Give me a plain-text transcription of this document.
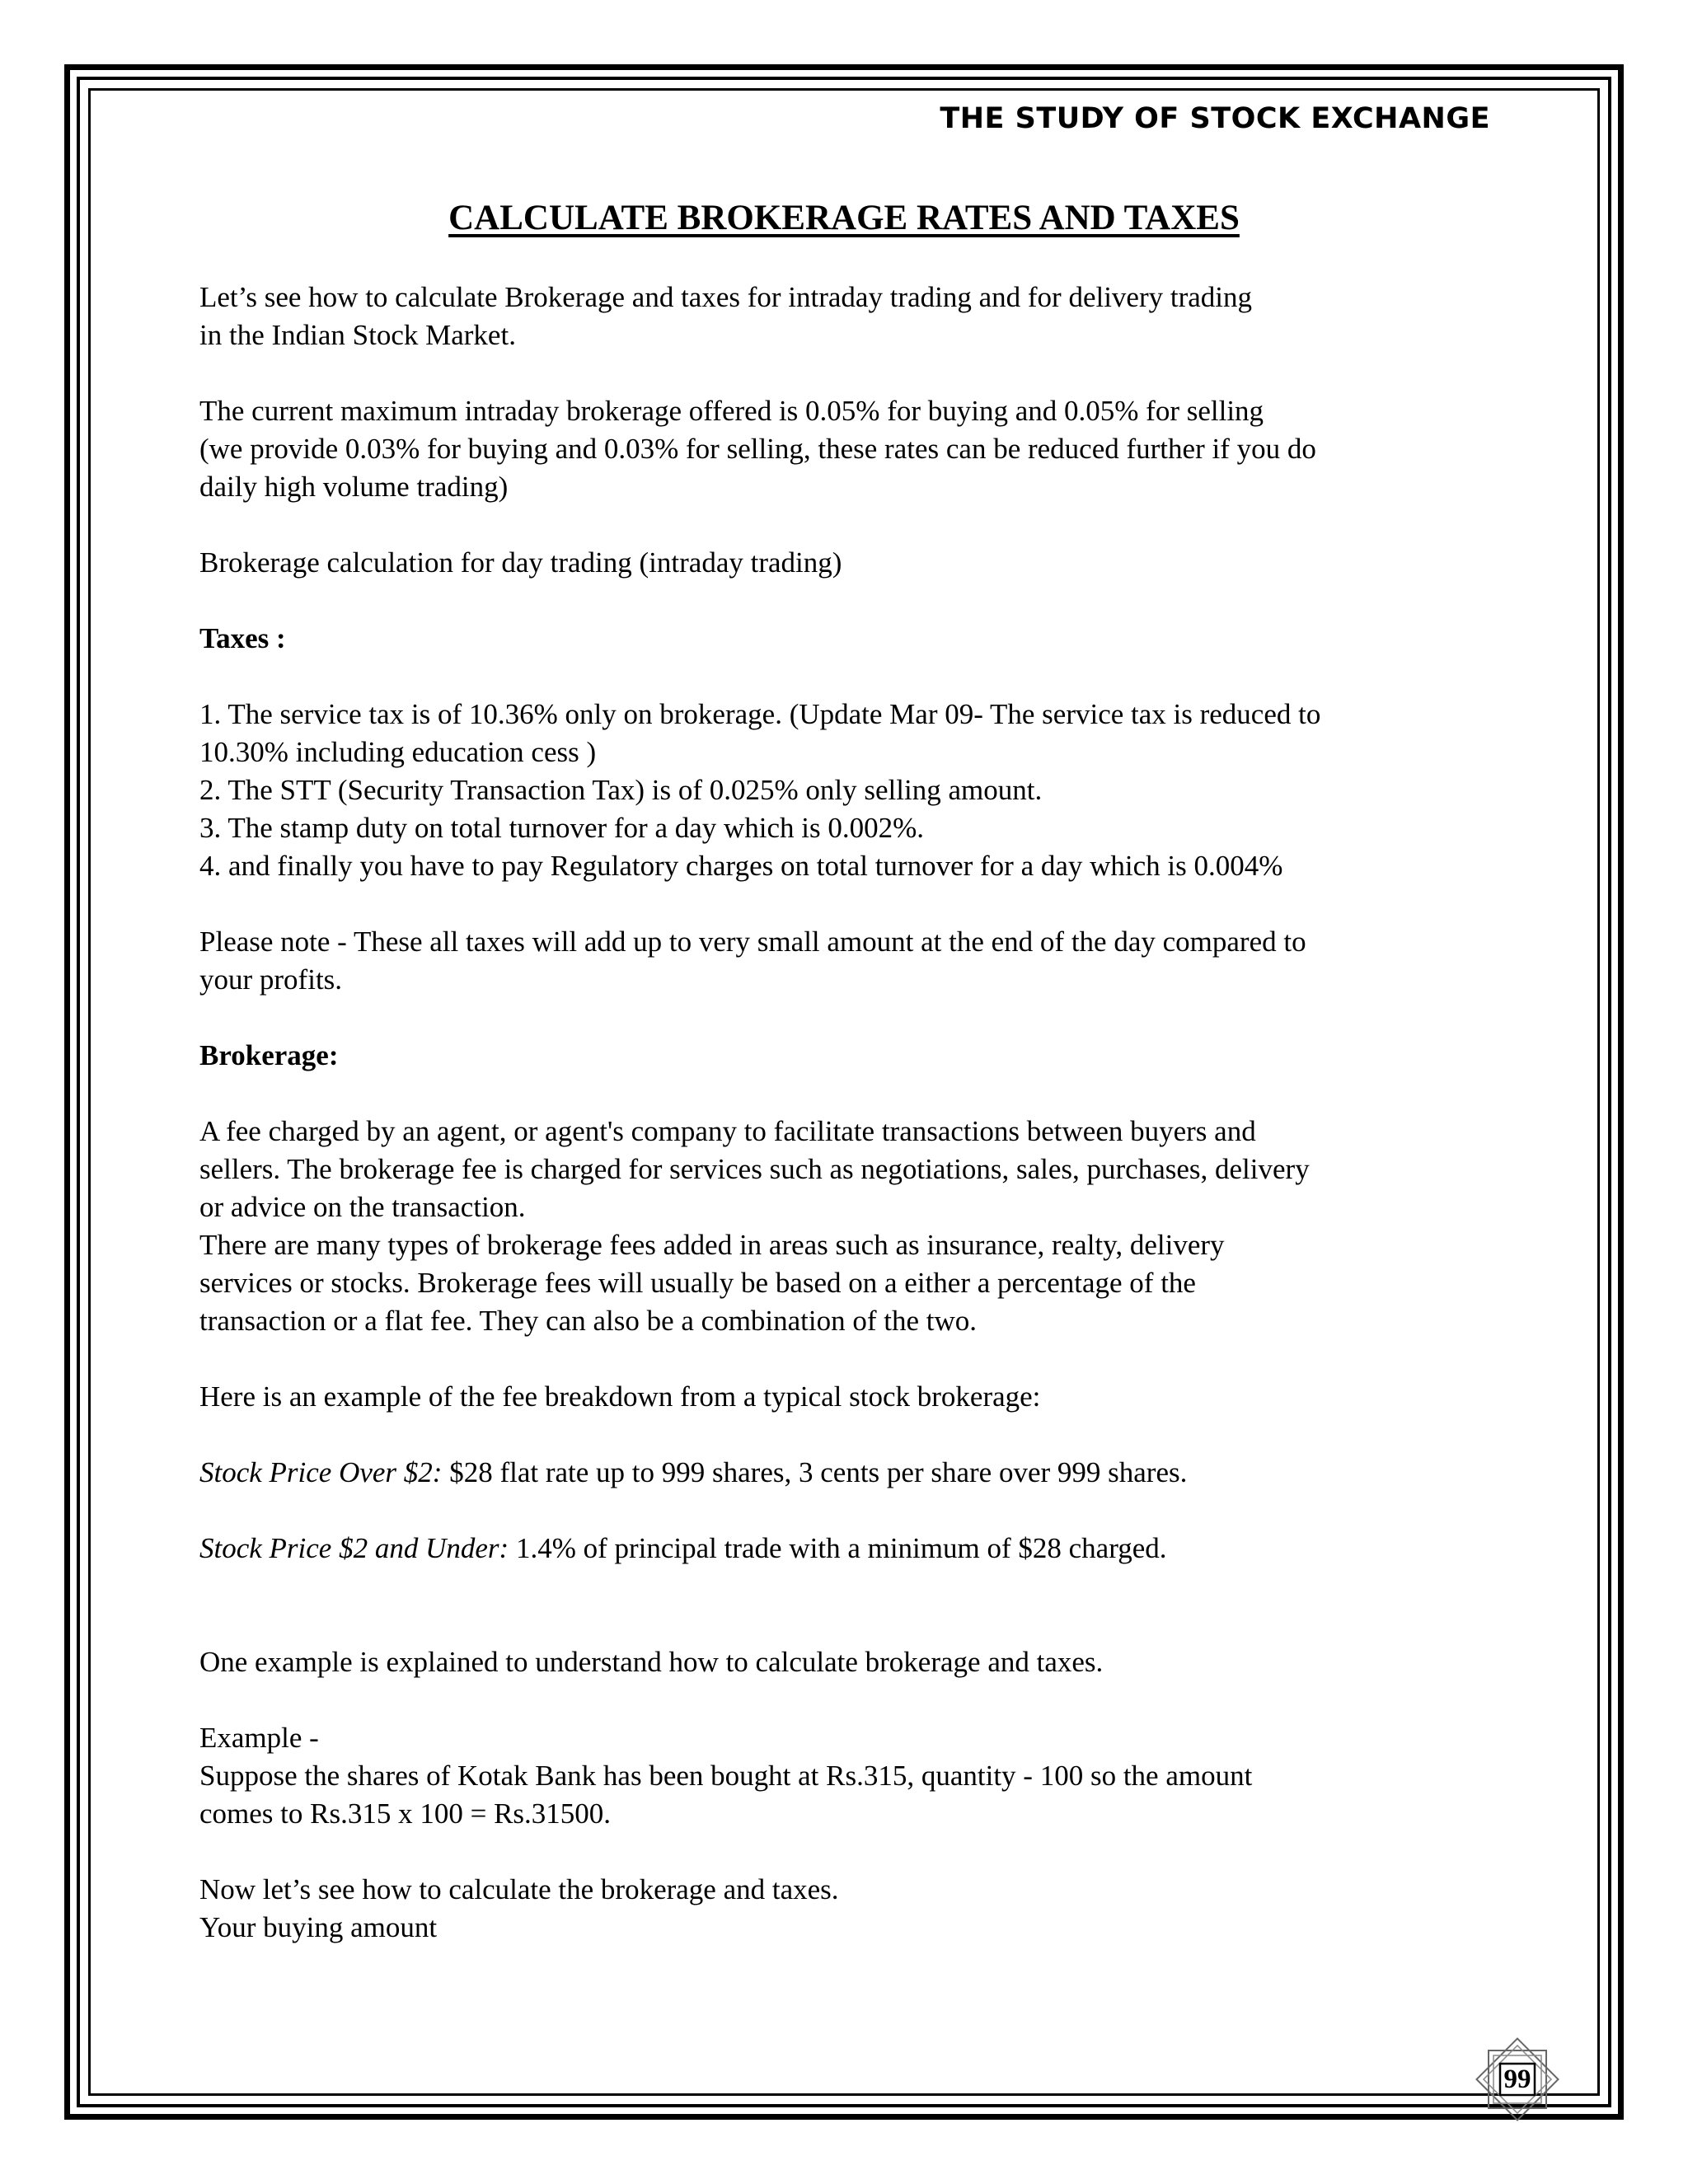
THE STUDY OF STOCK EXCHANGE
CALCULATE BROKERAGE RATES AND TAXES

Let’s see how to calculate Brokerage and taxes for intraday trading and for delivery trading

in the Indian Stock Market.

The current maximum intraday brokerage offered is 0.05% for buying and 0.05% for selling

(we provide 0.03% for buying and 0.03% for selling, these rates can be reduced further if you do

daily high volume trading)

Brokerage calculation for day trading (intraday trading)

Taxes :

1. The service tax is of 10.36% only on brokerage. (Update Mar 09- The service tax is reduced to

10.30% including education cess )

2. The STT (Security Transaction Tax) is of 0.025% only selling amount.

3. The stamp duty on total turnover for a day which is 0.002%.

4. and finally you have to pay Regulatory charges on total turnover for a day which is 0.004%

Please note - These all taxes will add up to very small amount at the end of the day compared to

your profits.

Brokerage:

A fee charged by an agent, or agent's company to facilitate transactions between buyers and

sellers. The brokerage fee is charged for services such as negotiations, sales, purchases, delivery

or advice on the transaction.

There are many types of brokerage fees added in areas such as insurance, realty, delivery

services or stocks. Brokerage fees will usually be based on a either a percentage of the

transaction or a flat fee. They can also be a combination of the two.

Here is an example of the fee breakdown from a typical stock brokerage:

Stock Price Over $2: $28 flat rate up to 999 shares, 3 cents per share over 999 shares.

Stock Price $2 and Under: 1.4% of principal trade with a minimum of $28 charged.

One example is explained to understand how to calculate brokerage and taxes.

Example -

Suppose the shares of Kotak Bank has been bought at Rs.315, quantity - 100 so the amount

comes to Rs.315 x 100 = Rs.31500.

Now let’s see how to calculate the brokerage and taxes.

Your buying amount

99
